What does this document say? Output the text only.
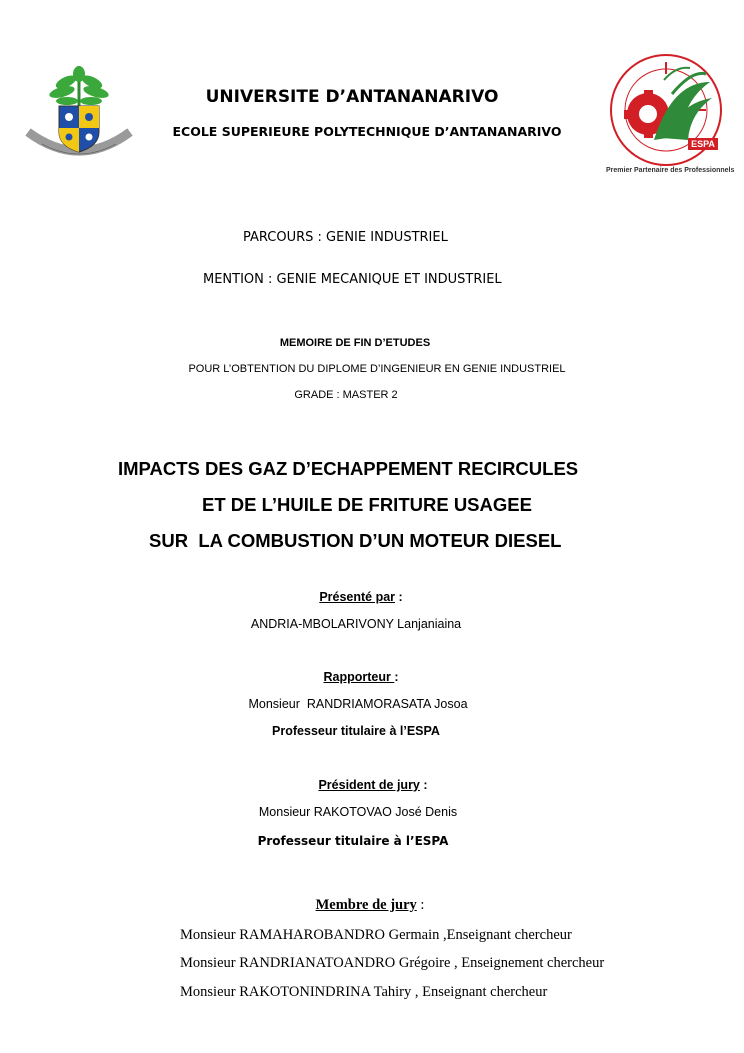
ESPA
Premier Partenaire des Professionnels
UNIVERSITE D’ANTANANARIVO
ECOLE SUPERIEURE POLYTECHNIQUE D’ANTANANARIVO
PARCOURS : GENIE INDUSTRIEL
MENTION : GENIE MECANIQUE ET INDUSTRIEL
MEMOIRE DE FIN D’ETUDES
POUR L’OBTENTION DU DIPLOME D’INGENIEUR EN GENIE INDUSTRIEL
GRADE : MASTER 2
IMPACTS DES GAZ D’ECHAPPEMENT RECIRCULES
ET DE L’HUILE DE FRITURE USAGEE
SUR  LA COMBUSTION D’UN MOTEUR DIESEL
Présenté par :
ANDRIA-MBOLARIVONY Lanjaniaina
Rapporteur :
Monsieur  RANDRIAMORASATA Josoa
Professeur titulaire à l’ESPA
Président de jury :
Monsieur RAKOTOVAO José Denis
Professeur titulaire à l’ESPA
Membre de jury :
Monsieur RAMAHAROBANDRO Germain ,Enseignant chercheur
Monsieur RANDRIANATOANDRO Grégoire , Enseignement chercheur
Monsieur RAKOTONINDRINA Tahiry , Enseignant chercheur
